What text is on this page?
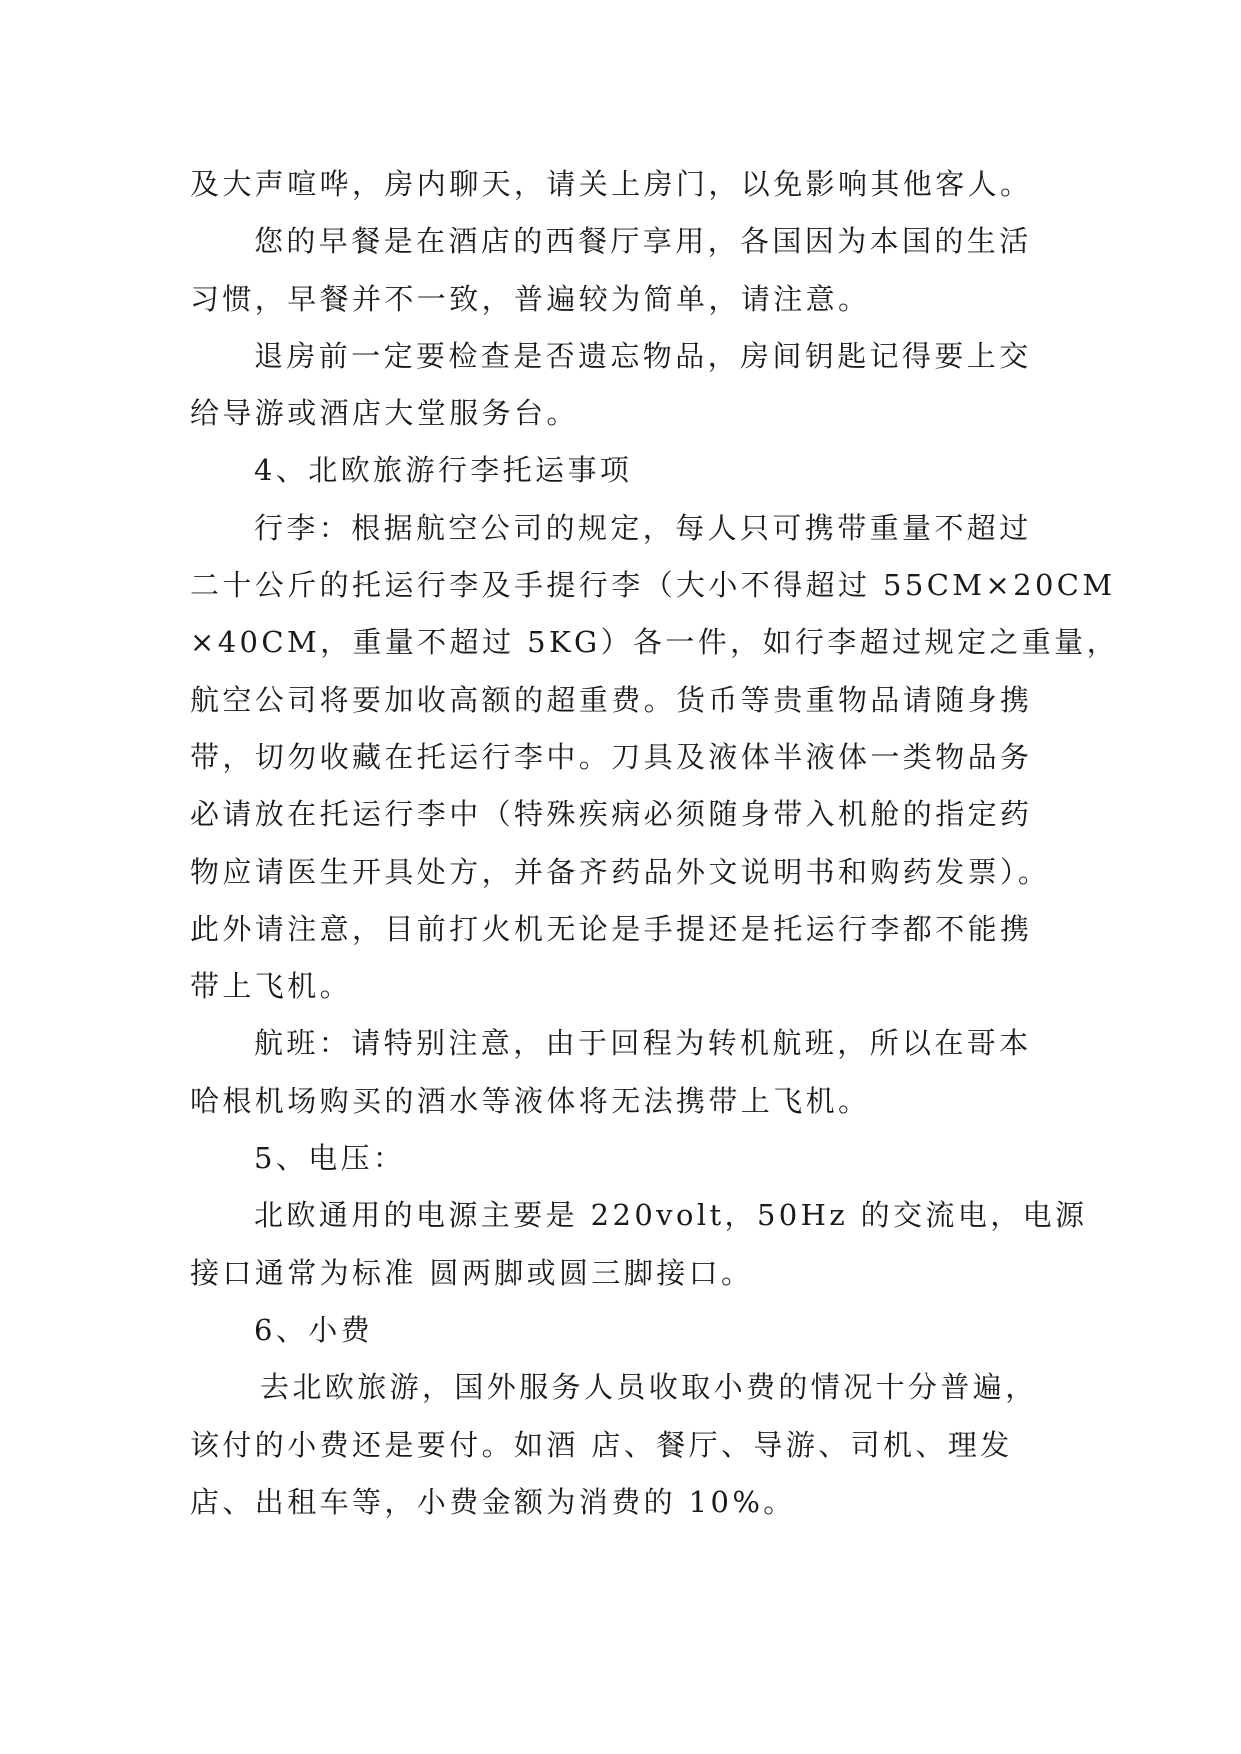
及大声喧哗，房内聊天，请关上房门，以免影响其他客人。
您的早餐是在酒店的西餐厅享用，各国因为本国的生活
习惯，早餐并不一致，普遍较为简单，请注意。
退房前一定要检查是否遗忘物品，房间钥匙记得要上交
给导游或酒店大堂服务台。
4、北欧旅游行李托运事项
行李：根据航空公司的规定，每人只可携带重量不超过
二十公斤的托运行李及手提行李（大小不得超过 55CM×20CM
×40CM，重量不超过 5KG）各一件，如行李超过规定之重量，
航空公司将要加收高额的超重费。货币等贵重物品请随身携
带，切勿收藏在托运行李中。刀具及液体半液体一类物品务
必请放在托运行李中（特殊疾病必须随身带入机舱的指定药
物应请医生开具处方，并备齐药品外文说明书和购药发票）。
此外请注意，目前打火机无论是手提还是托运行李都不能携
带上飞机。
航班：请特别注意，由于回程为转机航班，所以在哥本
哈根机场购买的酒水等液体将无法携带上飞机。
5、电压：
北欧通用的电源主要是 220volt，50Hz 的交流电，电源
接口通常为标准 圆两脚或圆三脚接口。
6、小费
去北欧旅游，国外服务人员收取小费的情况十分普遍，
该付的小费还是要付。如酒 店、餐厅、导游、司机、理发
店、出租车等，小费金额为消费的 10%。
